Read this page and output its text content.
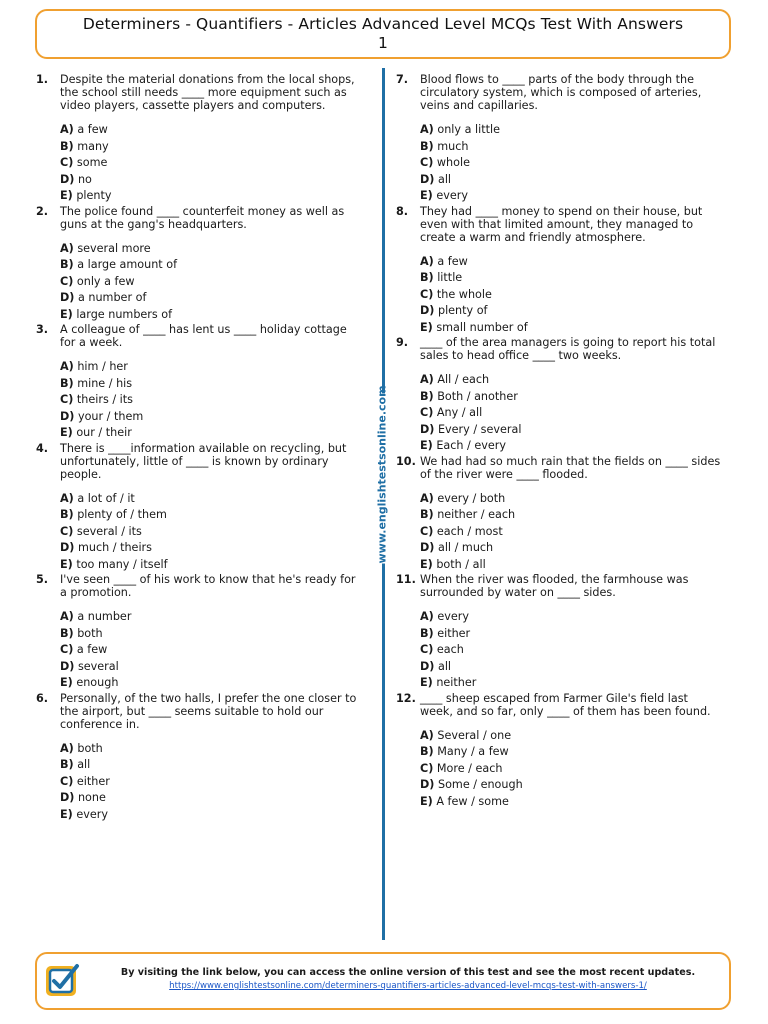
Determiners - Quantifiers - Articles Advanced Level MCQs Test With Answers
1
1. Despite the material donations from the local shops,
the school still needs ____ more equipment such as
video players, cassette players and computers.
A) a few
B) many
C) some
D) no
E) plenty
2. The police found ____ counterfeit money as well as
guns at the gang's headquarters.
A) several more
B) a large amount of
C) only a few
D) a number of
E) large numbers of
3. A colleague of ____ has lent us ____ holiday cottage
for a week.
A) him / her
B) mine / his
C) theirs / its
D) your / them
E) our / their
4. There is ____information available on recycling, but
unfortunately, little of ____ is known by ordinary
people.
A) a lot of / it
B) plenty of / them
C) several / its
D) much / theirs
E) too many / itself
5. I've seen ____ of his work to know that he's ready for
a promotion.
A) a number
B) both
C) a few
D) several
E) enough
6. Personally, of the two halls, I prefer the one closer to
the airport, but ____ seems suitable to hold our
conference in.
A) both
B) all
C) either
D) none
E) every
www.englishtestsonline.com
7. Blood flows to ____ parts of the body through the
circulatory system, which is composed of arteries,
veins and capillaries.
A) only a little
B) much
C) whole
D) all
E) every
8. They had ____ money to spend on their house, but
even with that limited amount, they managed to
create a warm and friendly atmosphere.
A) a few
B) little
C) the whole
D) plenty of
E) small number of
9. ____ of the area managers is going to report his total
sales to head office ____ two weeks.
A) All / each
B) Both / another
C) Any / all
D) Every / several
E) Each / every
10. We had had so much rain that the fields on ____ sides
of the river were ____ flooded.
A) every / both
B) neither / each
C) each / most
D) all / much
E) both / all
11. When the river was flooded, the farmhouse was
surrounded by water on ____ sides.
A) every
B) either
C) each
D) all
E) neither
12. ____ sheep escaped from Farmer Gile's field last
week, and so far, only ____ of them has been found.
A) Several / one
B) Many / a few
C) More / each
D) Some / enough
E) A few / some
By visiting the link below, you can access the online version of this test and see the most recent updates.
https://www.englishtestsonline.com/determiners-quantifiers-articles-advanced-level-mcqs-test-with-answers-1/
